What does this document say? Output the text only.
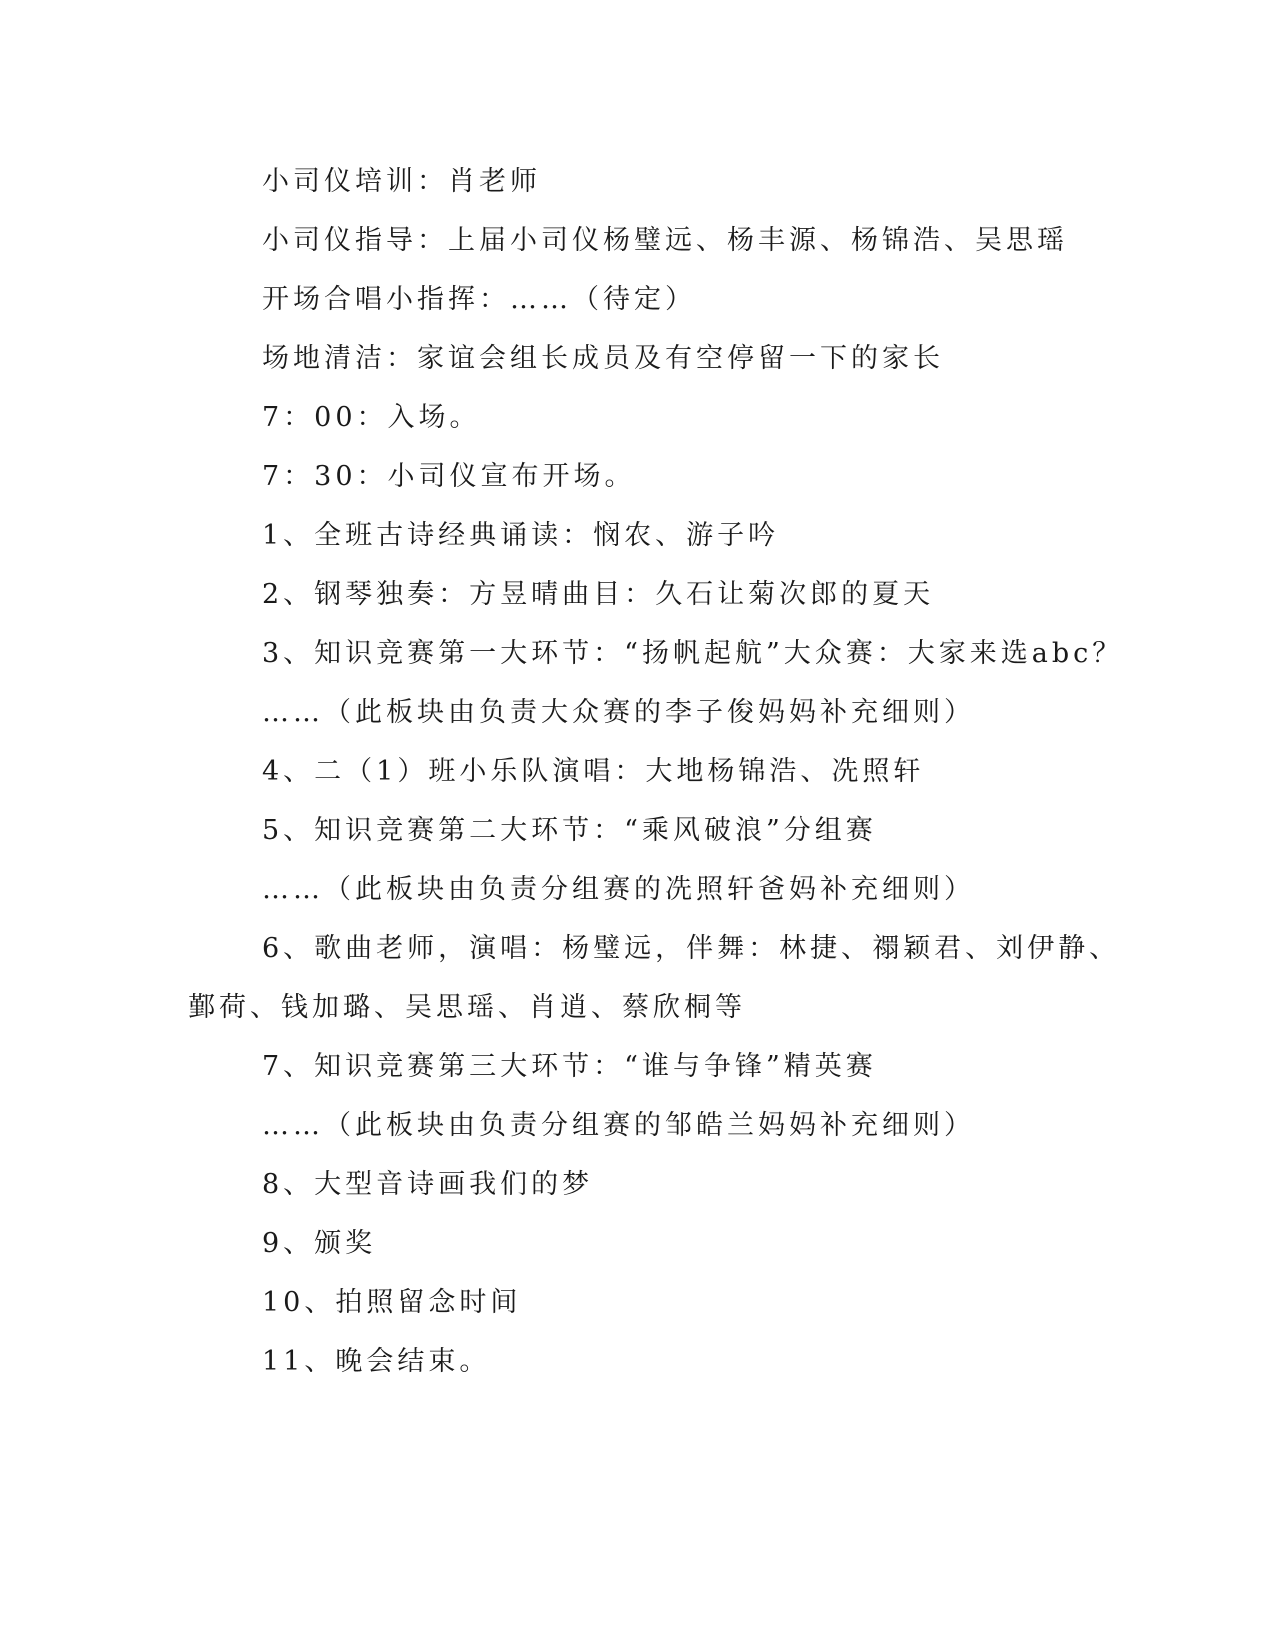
小司仪培训：肖老师
小司仪指导：上届小司仪杨璧远、杨丰源、杨锦浩、吴思瑶
开场合唱小指挥：……（待定）
场地清洁：家谊会组长成员及有空停留一下的家长
7：00：入场。
7：30：小司仪宣布开场。
1、全班古诗经典诵读：悯农、游子吟
2、钢琴独奏：方昱晴曲目：久石让菊次郎的夏天
3、知识竞赛第一大环节：“扬帆起航”大众赛：大家来选abc？
……（此板块由负责大众赛的李子俊妈妈补充细则）
4、二（1）班小乐队演唱：大地杨锦浩、冼照轩
5、知识竞赛第二大环节：“乘风破浪”分组赛
……（此板块由负责分组赛的冼照轩爸妈补充细则）
6、歌曲老师，演唱：杨璧远，伴舞：林捷、禤颖君、刘伊静、
鄞荷、钱加璐、吴思瑶、肖逍、蔡欣桐等
7、知识竞赛第三大环节：“谁与争锋”精英赛
……（此板块由负责分组赛的邹皓兰妈妈补充细则）
8、大型音诗画我们的梦
9、颁奖
10、拍照留念时间
11、晚会结束。
